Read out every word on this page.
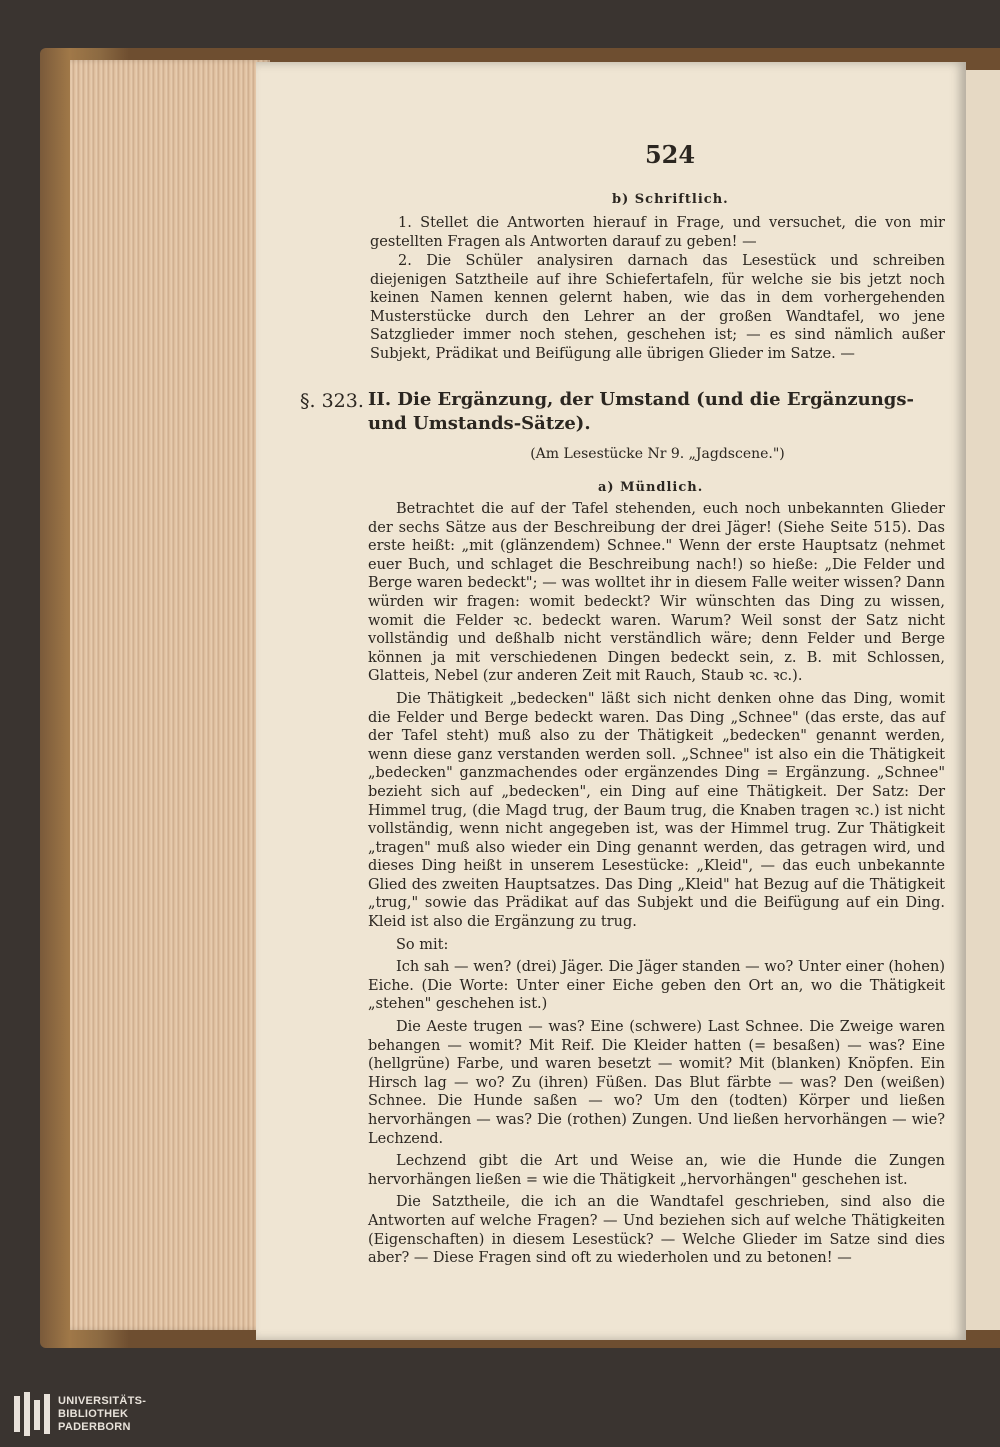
524
b) Schriftlich.

1. Stellet die Antworten hierauf in Frage, und versuchet, die von mir gestellten Fragen als Antworten darauf zu geben! —

2. Die Schüler analysiren darnach das Lesestück und schreiben diejenigen Satztheile auf ihre Schiefertafeln, für welche sie bis jetzt noch keinen Namen kennen gelernt haben, wie das in dem vorhergehenden Musterstücke durch den Lehrer an der großen Wandtafel, wo jene Satzglieder immer noch stehen, geschehen ist; — es sind nämlich außer Subjekt, Prädikat und Beifügung alle übrigen Glieder im Satze. —

§. 323. II. Die Ergänzung, der Umstand (und die Ergänzungs- und Umstands-Sätze).
(Am Lesestücke Nr 9. „Jagdscene.")
a) Mündlich.

Betrachtet die auf der Tafel stehenden, euch noch unbekannten Glieder der sechs Sätze aus der Beschreibung der drei Jäger! (Siehe Seite 515). Das erste heißt: „mit (glänzendem) Schnee." Wenn der erste Hauptsatz (nehmet euer Buch, und schlaget die Beschreibung nach!) so hieße: „Die Felder und Berge waren bedeckt"; — was wolltet ihr in diesem Falle weiter wissen? Dann würden wir fragen: womit bedeckt? Wir wünschten das Ding zu wissen, womit die Felder ꝛc. bedeckt waren. Warum? Weil sonst der Satz nicht vollständig und deßhalb nicht verständlich wäre; denn Felder und Berge können ja mit verschiedenen Dingen bedeckt sein, z. B. mit Schlossen, Glatteis, Nebel (zur anderen Zeit mit Rauch, Staub ꝛc. ꝛc.).

Die Thätigkeit „bedecken" läßt sich nicht denken ohne das Ding, womit die Felder und Berge bedeckt waren. Das Ding „Schnee" (das erste, das auf der Tafel steht) muß also zu der Thätigkeit „bedecken" genannt werden, wenn diese ganz verstanden werden soll. „Schnee" ist also ein die Thätigkeit „bedecken" ganzmachendes oder ergänzendes Ding = Ergänzung. „Schnee" bezieht sich auf „bedecken", ein Ding auf eine Thätigkeit. Der Satz: Der Himmel trug, (die Magd trug, der Baum trug, die Knaben tragen ꝛc.) ist nicht vollständig, wenn nicht angegeben ist, was der Himmel trug. Zur Thätigkeit „tragen" muß also wieder ein Ding genannt werden, das getragen wird, und dieses Ding heißt in unserem Lesestücke: „Kleid", — das euch unbekannte Glied des zweiten Hauptsatzes. Das Ding „Kleid" hat Bezug auf die Thätigkeit „trug," sowie das Prädikat auf das Subjekt und die Beifügung auf ein Ding. Kleid ist also die Ergänzung zu trug.

So mit:

Ich sah — wen? (drei) Jäger. Die Jäger standen — wo? Unter einer (hohen) Eiche. (Die Worte: Unter einer Eiche geben den Ort an, wo die Thätigkeit „stehen" geschehen ist.)

Die Aeste trugen — was? Eine (schwere) Last Schnee. Die Zweige waren behangen — womit? Mit Reif. Die Kleider hatten (= besaßen) — was? Eine (hellgrüne) Farbe, und waren besetzt — womit? Mit (blanken) Knöpfen. Ein Hirsch lag — wo? Zu (ihren) Füßen. Das Blut färbte — was? Den (weißen) Schnee. Die Hunde saßen — wo? Um den (todten) Körper und ließen hervorhängen — was? Die (rothen) Zungen. Und ließen hervorhängen — wie? Lechzend.

Lechzend gibt die Art und Weise an, wie die Hunde die Zungen hervorhängen ließen = wie die Thätigkeit „hervorhängen" geschehen ist.

Die Satztheile, die ich an die Wandtafel geschrieben, sind also die Antworten auf welche Fragen? — Und beziehen sich auf welche Thätigkeiten (Eigenschaften) in diesem Lesestück? — Welche Glieder im Satze sind dies aber? — Diese Fragen sind oft zu wiederholen und zu betonen! —

UNIVERSITÄTS-
BIBLIOTHEK
PADERBORN
